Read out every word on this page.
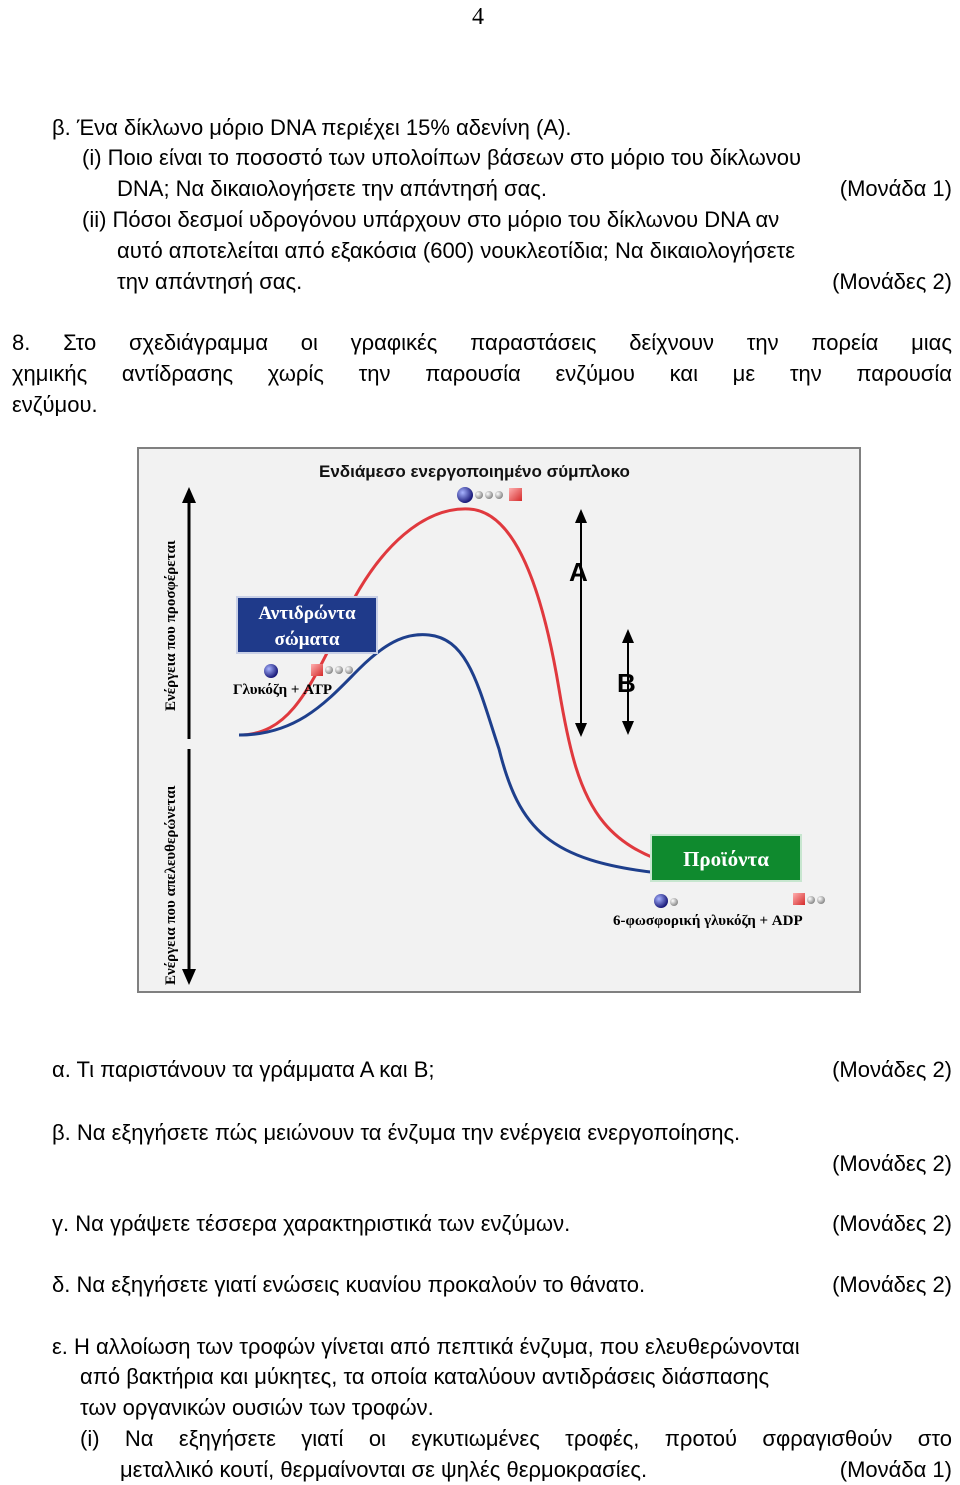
4
β. Ένα δίκλωνο μόριο DNA περιέχει 15% αδενίνη (Α).
(i) Ποιο είναι το ποσοστό των υπολοίπων βάσεων στο μόριο του δίκλωνου
DNA; Να δικαιολογήσετε την απάντησή σας.	(Μονάδα 1)
(ii) Πόσοι δεσμοί υδρογόνου υπάρχουν στο μόριο του δίκλωνου DNA αν
αυτό αποτελείται από εξακόσια (600) νουκλεοτίδια; Να δικαιολογήσετε
την απάντησή σας.	(Μονάδες 2)
8. Στο σχεδιάγραμμα οι γραφικές παραστάσεις δείχνουν την πορεία μιας
χημικής αντίδρασης χωρίς την παρουσία ενζύμου και με την παρουσία
ενζύμου.
Ενέργεια που προσφέρεται
Ενέργεια που απελευθερώνεται
Ενδιάμεσο ενεργοποιημένο σύμπλοκο
A
B
Αντιδρώντα
σώματα
Γλυκόζη + ATP
Προϊόντα
6-φωσφορική γλυκόζη + ADP
α. Τι παριστάνουν τα γράμματα Α και Β;	(Μονάδες 2)
β. Να εξηγήσετε πώς μειώνουν τα ένζυμα την ενέργεια ενεργοποίησης.
(Μονάδες 2)
γ. Να γράψετε τέσσερα χαρακτηριστικά των ενζύμων.	(Μονάδες 2)
δ. Να εξηγήσετε γιατί ενώσεις κυανίου προκαλούν το θάνατο.	(Μονάδες 2)
ε. Η αλλοίωση των τροφών γίνεται από πεπτικά ένζυμα, που ελευθερώνονται
από βακτήρια και μύκητες, τα οποία καταλύουν αντιδράσεις διάσπασης
των οργανικών ουσιών των τροφών.
(i) Να εξηγήσετε γιατί οι εγκυτιωμένες τροφές, προτού σφραγισθούν στο
μεταλλικό κουτί, θερμαίνονται σε ψηλές θερμοκρασίες.	(Μονάδα 1)
